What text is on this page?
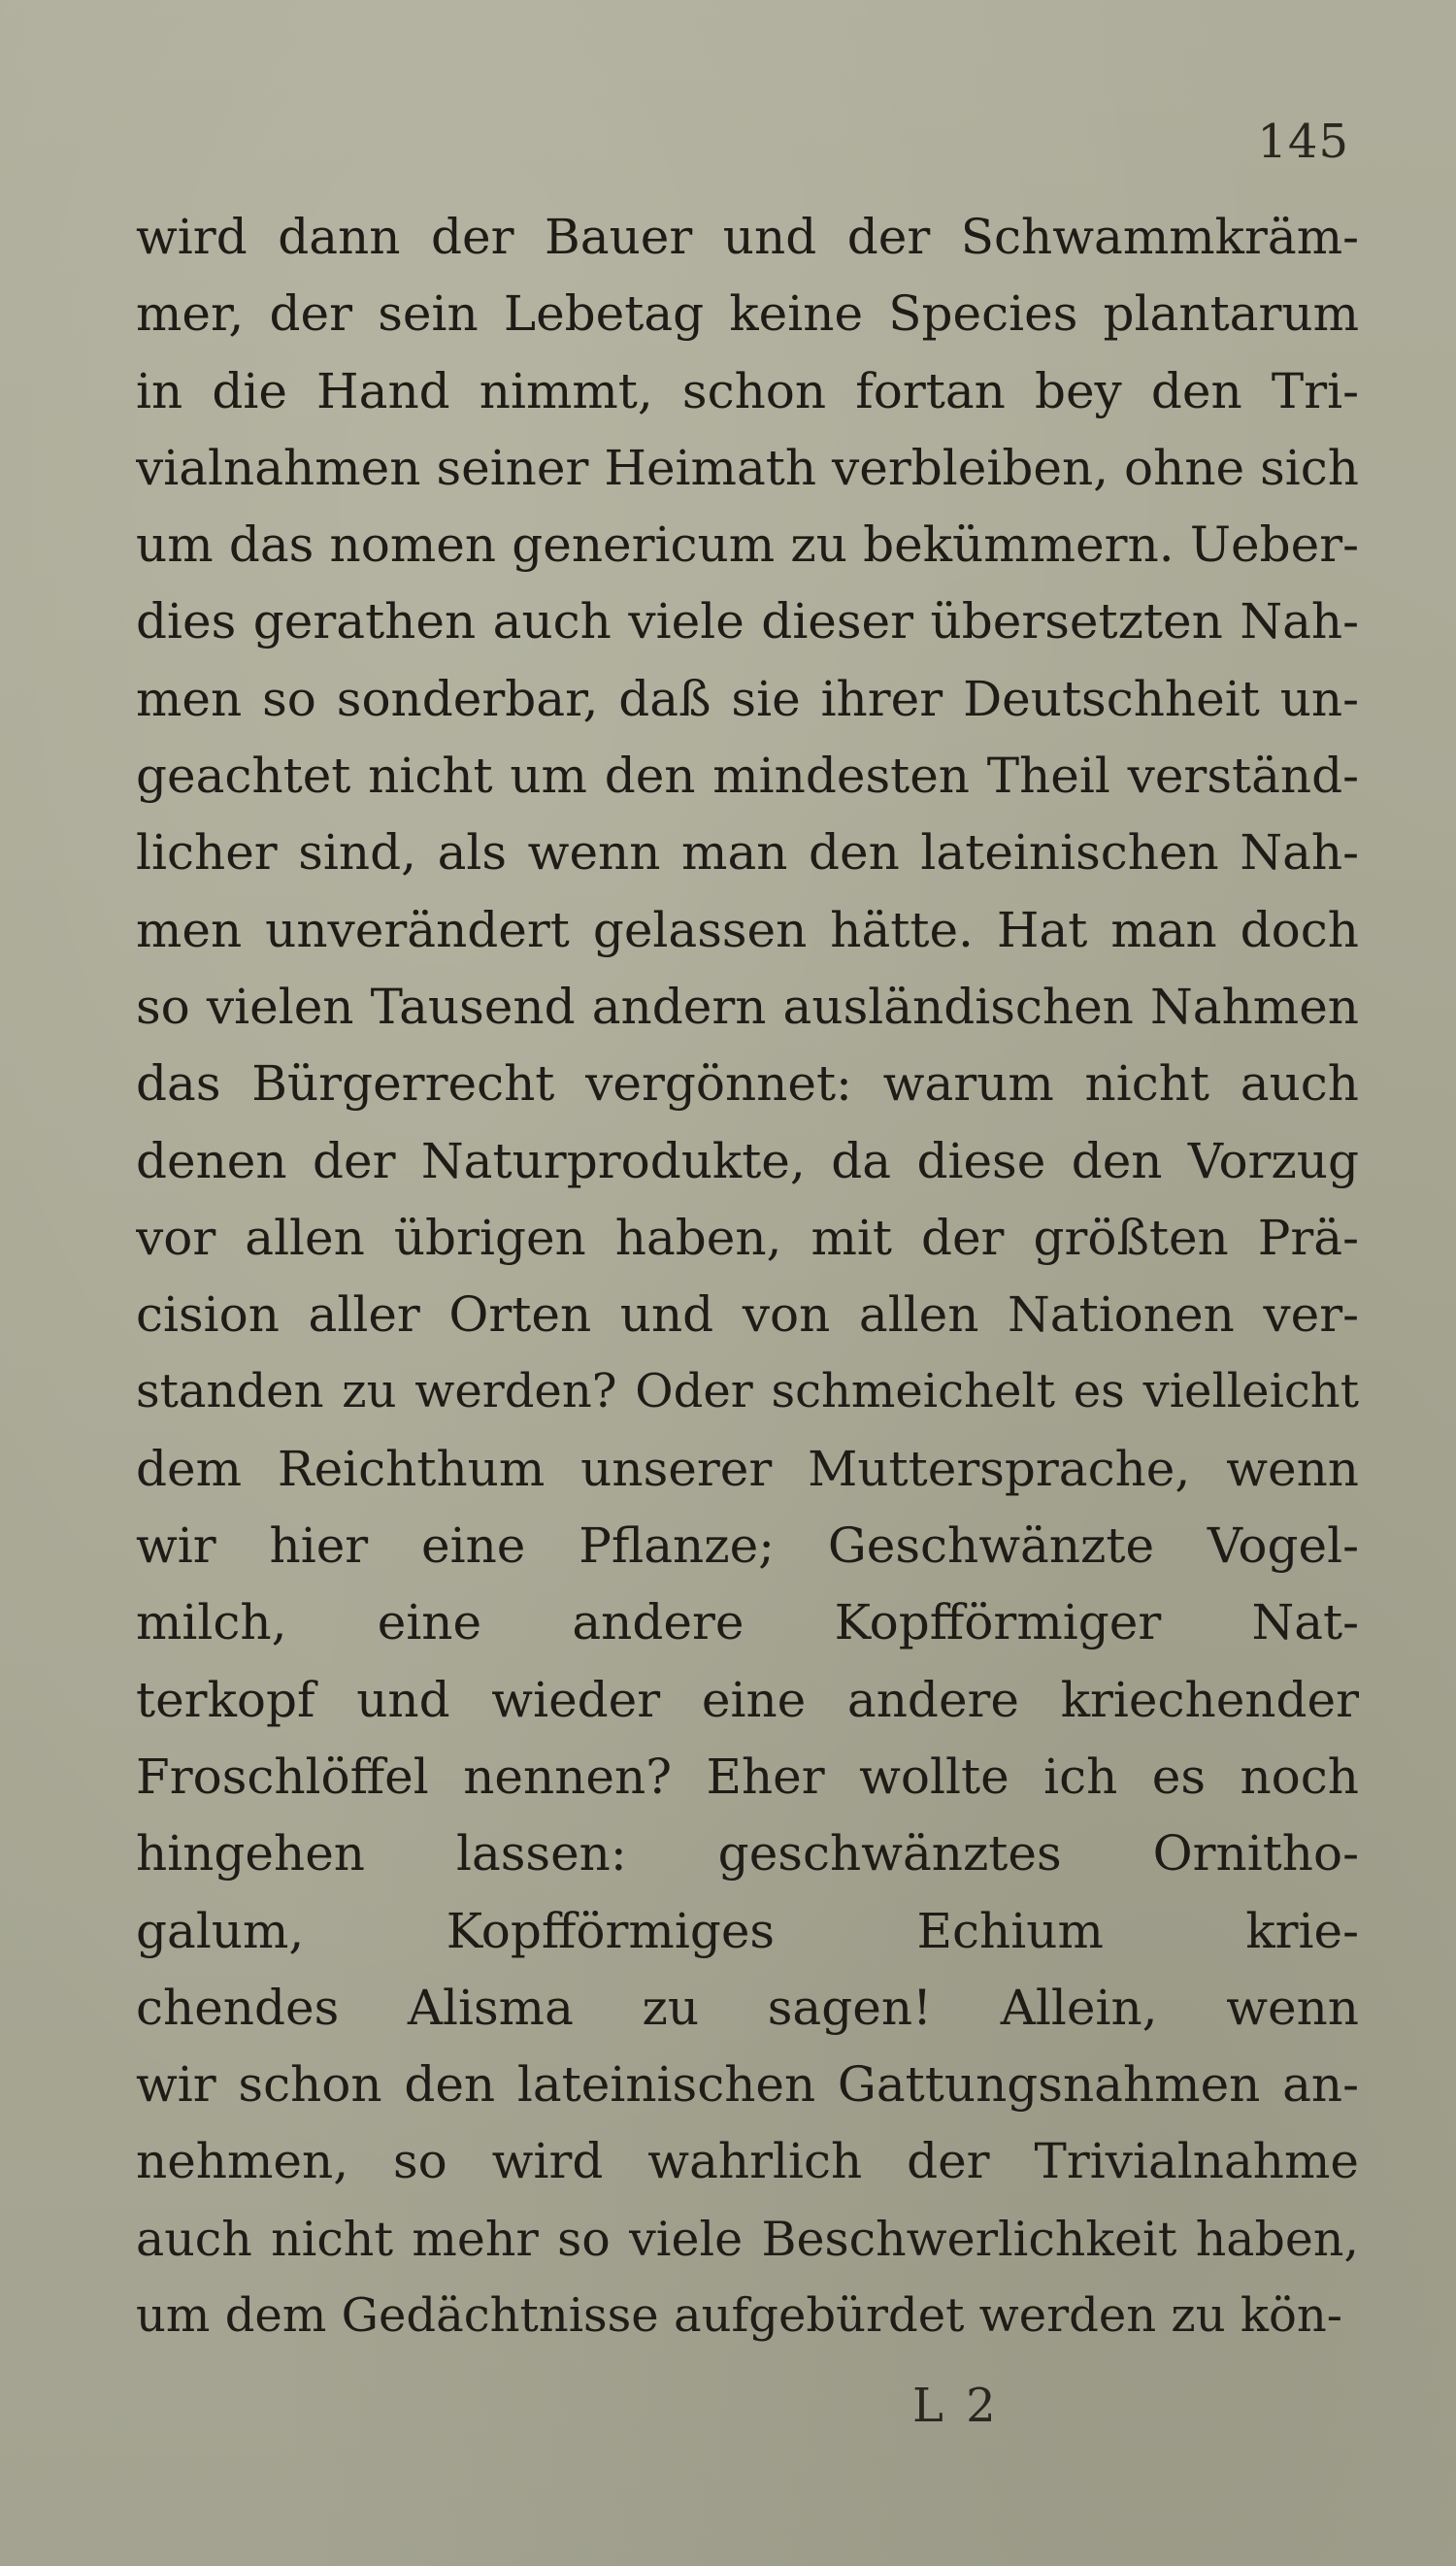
145
wird dann der Bauer und der Schwammkräm-
mer, der sein Lebetag keine Species plantarum
in die Hand nimmt, schon fortan bey den Tri-
vialnahmen seiner Heimath verbleiben, ohne sich
um das nomen genericum zu bekümmern. Ueber-
dies gerathen auch viele dieser übersetzten Nah-
men so sonderbar, daß sie ihrer Deutschheit un-
geachtet nicht um den mindesten Theil verständ-
licher sind, als wenn man den lateinischen Nah-
men unverändert gelassen hätte. Hat man doch
so vielen Tausend andern ausländischen Nahmen
das Bürgerrecht vergönnet: warum nicht auch
denen der Naturprodukte, da diese den Vorzug
vor allen übrigen haben, mit der größten Prä-
cision aller Orten und von allen Nationen ver-
standen zu werden? Oder schmeichelt es vielleicht
dem Reichthum unserer Muttersprache, wenn
wir hier eine Pflanze; Geschwänzte Vogel-
milch, eine andere Kopfförmiger Nat-
terkopf und wieder eine andere kriechender
Froschlöffel nennen? Eher wollte ich es noch
hingehen lassen: geschwänztes Ornitho-
galum, Kopfförmiges Echium krie-
chendes Alisma zu sagen! Allein, wenn
wir schon den lateinischen Gattungsnahmen an-
nehmen, so wird wahrlich der Trivialnahme
auch nicht mehr so viele Beschwerlichkeit haben,
um dem Gedächtnisse aufgebürdet werden zu kön-
L 2
